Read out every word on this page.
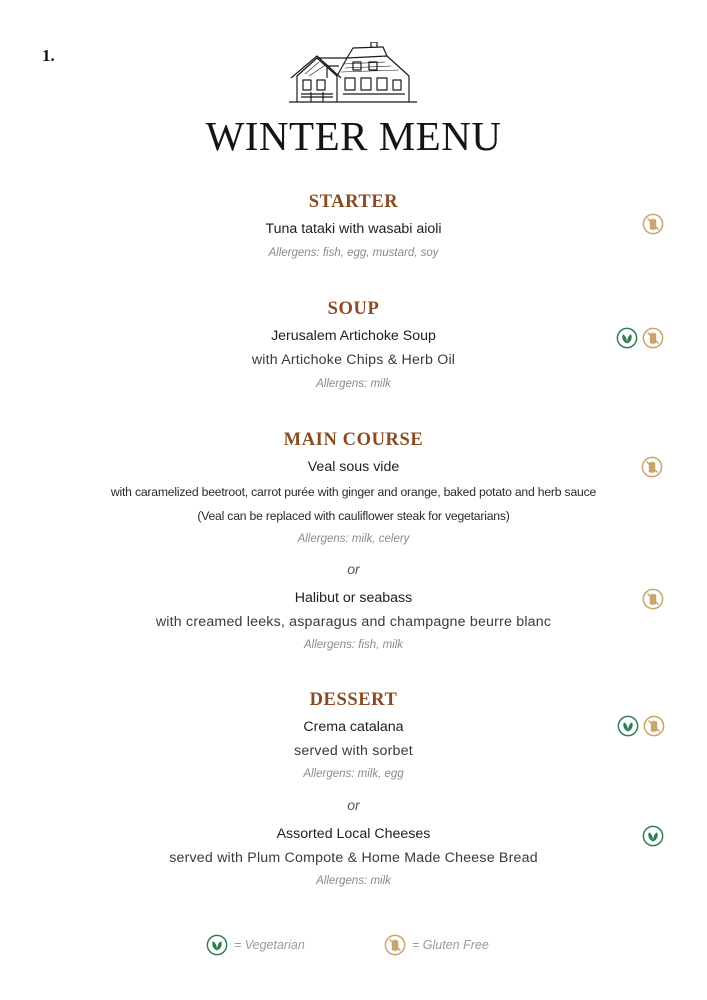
1.
WINTER MENU
STARTER
Tuna tataki with wasabi aioli
Allergens: fish, egg, mustard, soy
SOUP
Jerusalem Artichoke Soup
with Artichoke Chips & Herb Oil
Allergens: milk
MAIN COURSE
Veal sous vide
with caramelized beetroot, carrot purée with ginger and orange, baked potato and herb sauce
(Veal can be replaced with cauliflower steak for vegetarians)
Allergens: milk, celery
or
Halibut or seabass
with creamed leeks, asparagus and champagne beurre blanc
Allergens: fish, milk
DESSERT
Crema catalana
served with sorbet
Allergens: milk, egg
or
Assorted Local Cheeses
served with Plum Compote & Home Made Cheese Bread
Allergens: milk
= Vegetarian	= Gluten Free
